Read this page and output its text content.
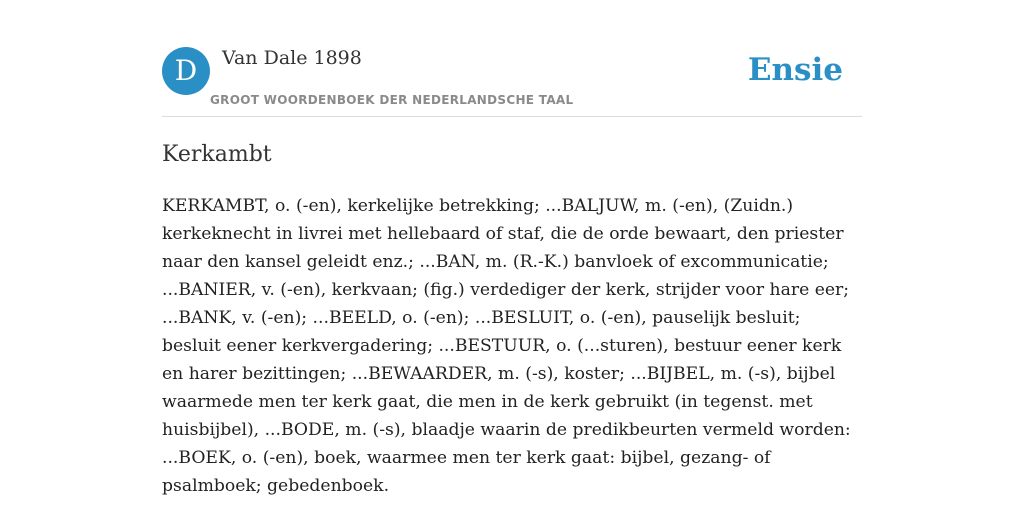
D	Van Dale 1898
GROOT WOORDENBOEK DER NEDERLANDSCHE TAAL
Ensie
Kerkambt

KERKAMBT, o. (-en), kerkelijke betrekking; ...BALJUW, m. (-en), (Zuidn.) kerkeknecht in livrei met hellebaard of staf, die de orde bewaart, den priester naar den kansel geleidt enz.; ...BAN, m. (R.-K.) banvloek of excommunicatie; ...BANIER, v. (-en), kerkvaan; (fig.) verdediger der kerk, strijder voor hare eer; ...BANK, v. (-en); ...BEELD, o. (-en); ...BESLUIT, o. (-en), pauselijk besluit; besluit eener kerkvergadering; ...BESTUUR, o. (...sturen), bestuur eener kerk en harer bezittingen; ...BEWAARDER, m. (-s), koster; ...BIJBEL, m. (-s), bijbel waarmede men ter kerk gaat, die men in de kerk gebruikt (in tegenst. met huisbijbel), ...BODE, m. (-s), blaadje waarin de predikbeurten vermeld worden: ...BOEK, o. (-en), boek, waarmee men ter kerk gaat: bijbel, gezang- of psalmboek; gebedenboek.
